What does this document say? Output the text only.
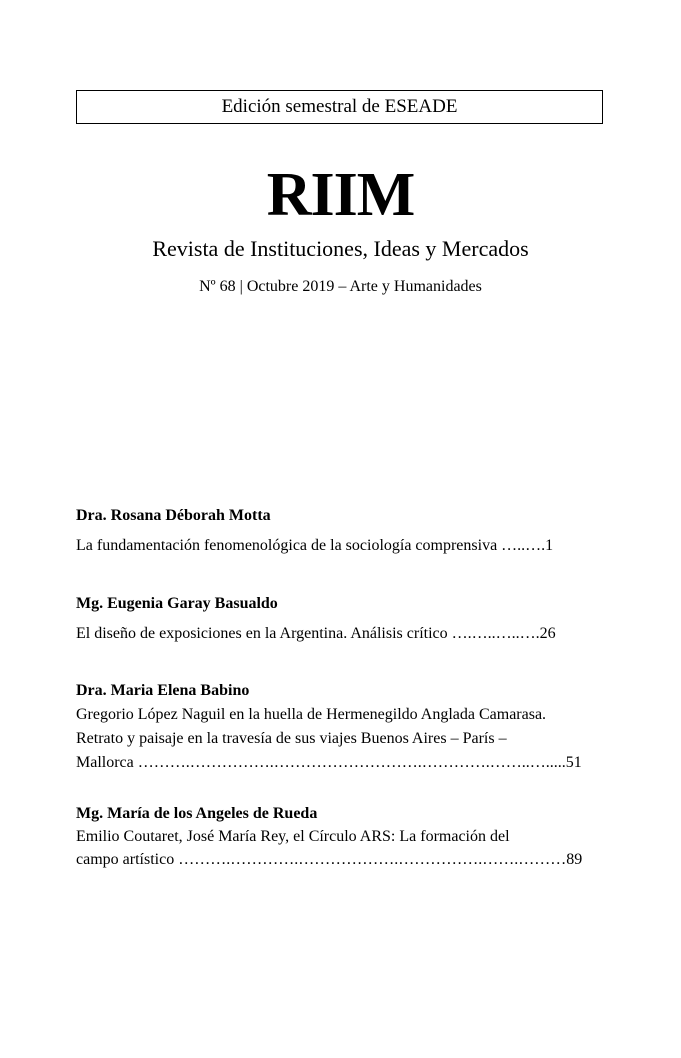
Edición semestral de ESEADE
RIIM
Revista de Instituciones, Ideas y Mercados
Nº 68 | Octubre 2019 – Arte y Humanidades
Dra. Rosana Déborah Motta
La fundamentación fenomenológica de la sociología comprensiva …..….1
Mg. Eugenia Garay Basualdo
El diseño de exposiciones en la Argentina. Análisis crítico ….…..…..….26
Dra. Maria Elena Babino
Gregorio López Naguil en la huella de Hermenegildo Anglada Camarasa.
Retrato y paisaje en la travesía de sus viajes Buenos Aires – París –
Mallorca ……….…………….……………………….………….……..….....51
Mg. María de los Angeles de Rueda
Emilio Coutaret, José María Rey, el Círculo ARS: La formación del
campo artístico ……….………….……………….…………….…….………89
